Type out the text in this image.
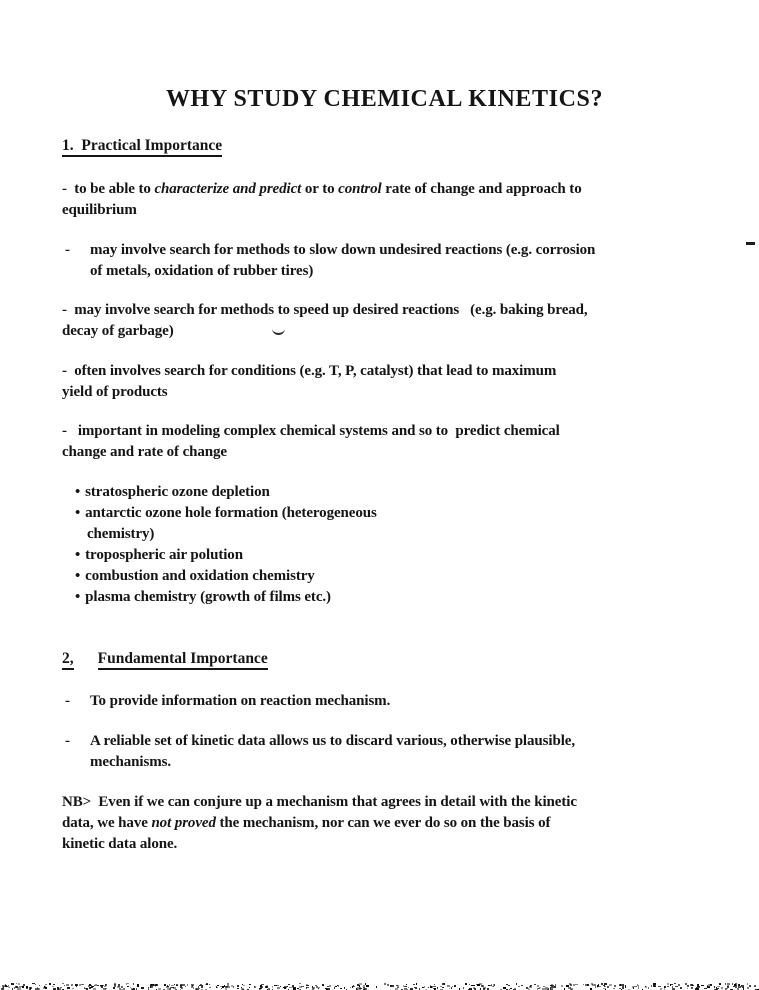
WHY STUDY CHEMICAL KINETICS?
1.  Practical Importance
-  to be able to characterize and predict or to control rate of change and approach to
equilibrium
- may involve search for methods to slow down undesired reactions (e.g. corrosion
of metals, oxidation of rubber tires)
-  may involve search for methods to speed up desired reactions   (e.g. baking bread,
decay of garbage)
-  often involves search for conditions (e.g. T, P, catalyst) that lead to maximum
yield of products
-   important in modeling complex chemical systems and so to  predict chemical
change and rate of change
• stratospheric ozone depletion
• antarctic ozone hole formation (heterogeneous
chemistry)
• tropospheric air polution
• combustion and oxidation chemistry
• plasma chemistry (growth of films etc.)
2, Fundamental Importance
- To provide information on reaction mechanism.
- A reliable set of kinetic data allows us to discard various, otherwise plausible,
mechanisms.
NB>  Even if we can conjure up a mechanism that agrees in detail with the kinetic
data, we have not proved the mechanism, nor can we ever do so on the basis of
kinetic data alone.
